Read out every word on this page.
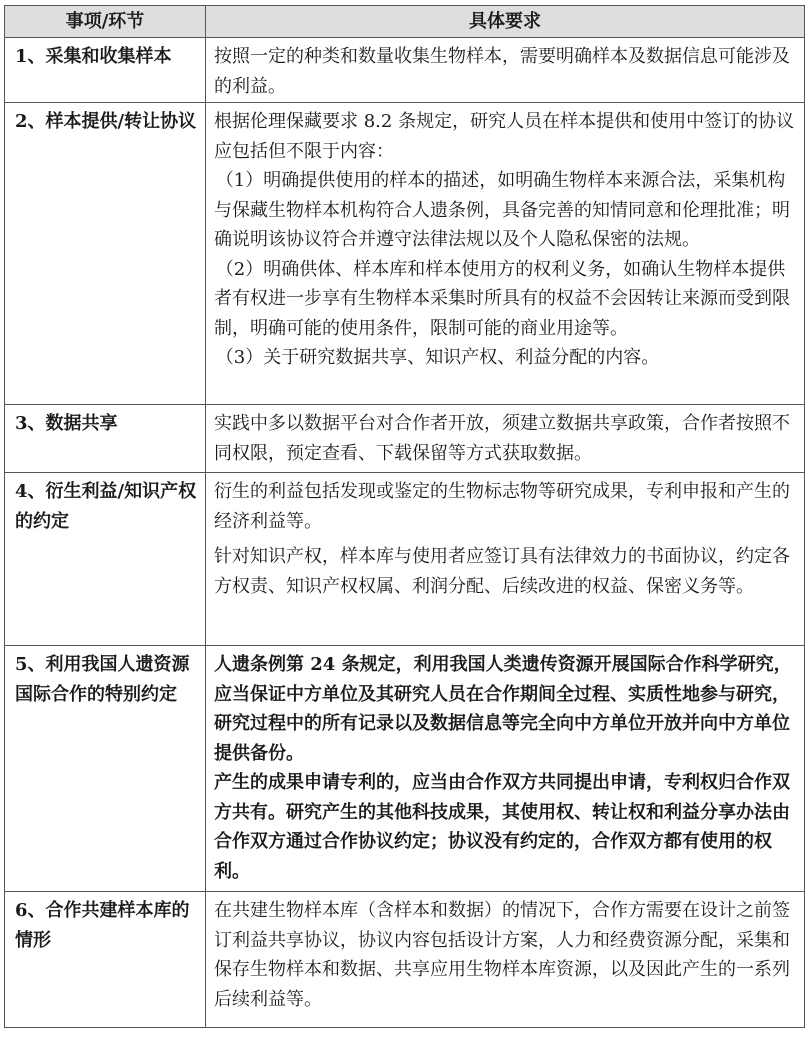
事项/环节	具体要求
1、采集和收集样本	按照一定的种类和数量收集生物样本，需要明确样本及数据信息可能涉及的利益。

2、样本提供/转让协议	根据伦理保藏要求 8.2 条规定，研究人员在样本提供和使用中签订的协议应包括但不限于内容：

（1）明确提供使用的样本的描述，如明确生物样本来源合法，采集机构与保藏生物样本机构符合人遗条例，具备完善的知情同意和伦理批准；明确说明该协议符合并遵守法律法规以及个人隐私保密的法规。

（2）明确供体、样本库和样本使用方的权利义务，如确认生物样本提供者有权进一步享有生物样本采集时所具有的权益不会因转让来源而受到限制，明确可能的使用条件，限制可能的商业用途等。

（3）关于研究数据共享、知识产权、利益分配的内容。

3、数据共享	实践中多以数据平台对合作者开放，须建立数据共享政策，合作者按照不同权限，预定查看、下载保留等方式获取数据。

4、衍生利益/知识产权的约定	衍生的利益包括发现或鉴定的生物标志物等研究成果，专利申报和产生的经济利益等。

针对知识产权，样本库与使用者应签订具有法律效力的书面协议，约定各方权责、知识产权权属、利润分配、后续改进的权益、保密义务等。

5、利用我国人遗资源国际合作的特别约定	人遗条例第 24 条规定，利用我国人类遗传资源开展国际合作科学研究，应当保证中方单位及其研究人员在合作期间全过程、实质性地参与研究，研究过程中的所有记录以及数据信息等完全向中方单位开放并向中方单位提供备份。

产生的成果申请专利的，应当由合作双方共同提出申请，专利权归合作双方共有。研究产生的其他科技成果，其使用权、转让权和利益分享办法由合作双方通过合作协议约定；协议没有约定的，合作双方都有使用的权利。

6、合作共建样本库的情形	在共建生物样本库（含样本和数据）的情况下，合作方需要在设计之前签订利益共享协议，协议内容包括设计方案，人力和经费资源分配，采集和保存生物样本和数据、共享应用生物样本库资源，以及因此产生的一系列后续利益等。
